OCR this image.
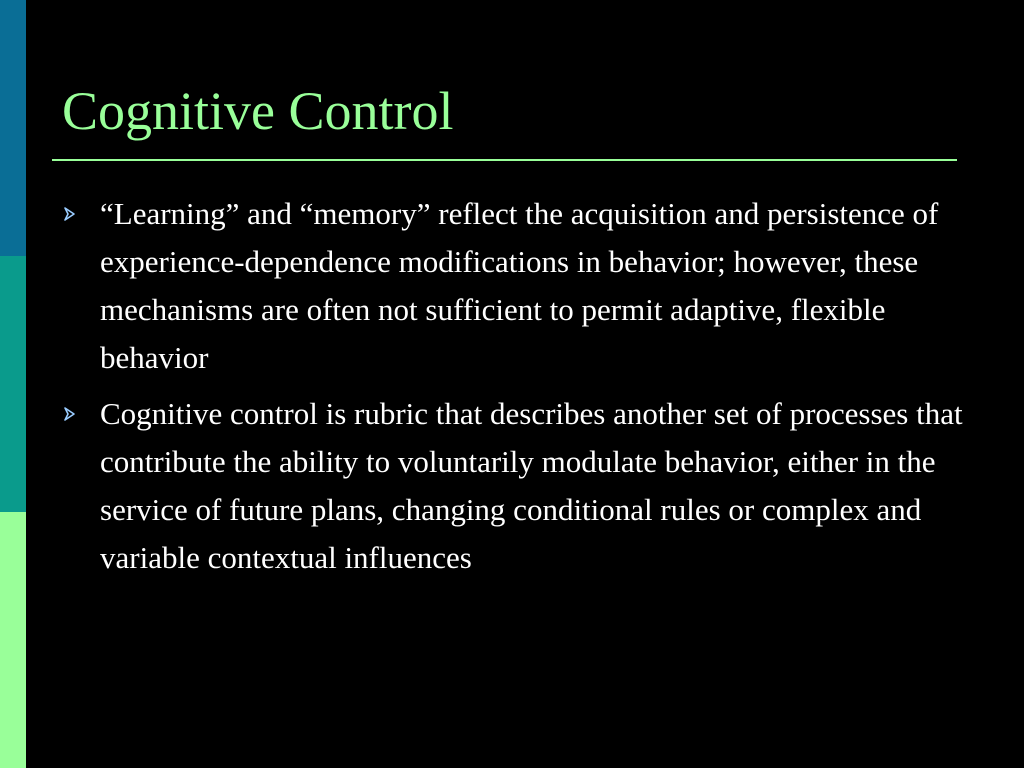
Cognitive Control
“Learning” and “memory” reflect the acquisition and persistence of experience-dependence modifications in behavior; however, these mechanisms are often not sufficient to permit adaptive, flexible behavior
Cognitive control is rubric that describes another set of processes that contribute the ability to voluntarily modulate behavior, either in the service of future plans, changing conditional rules or complex and variable contextual influences
